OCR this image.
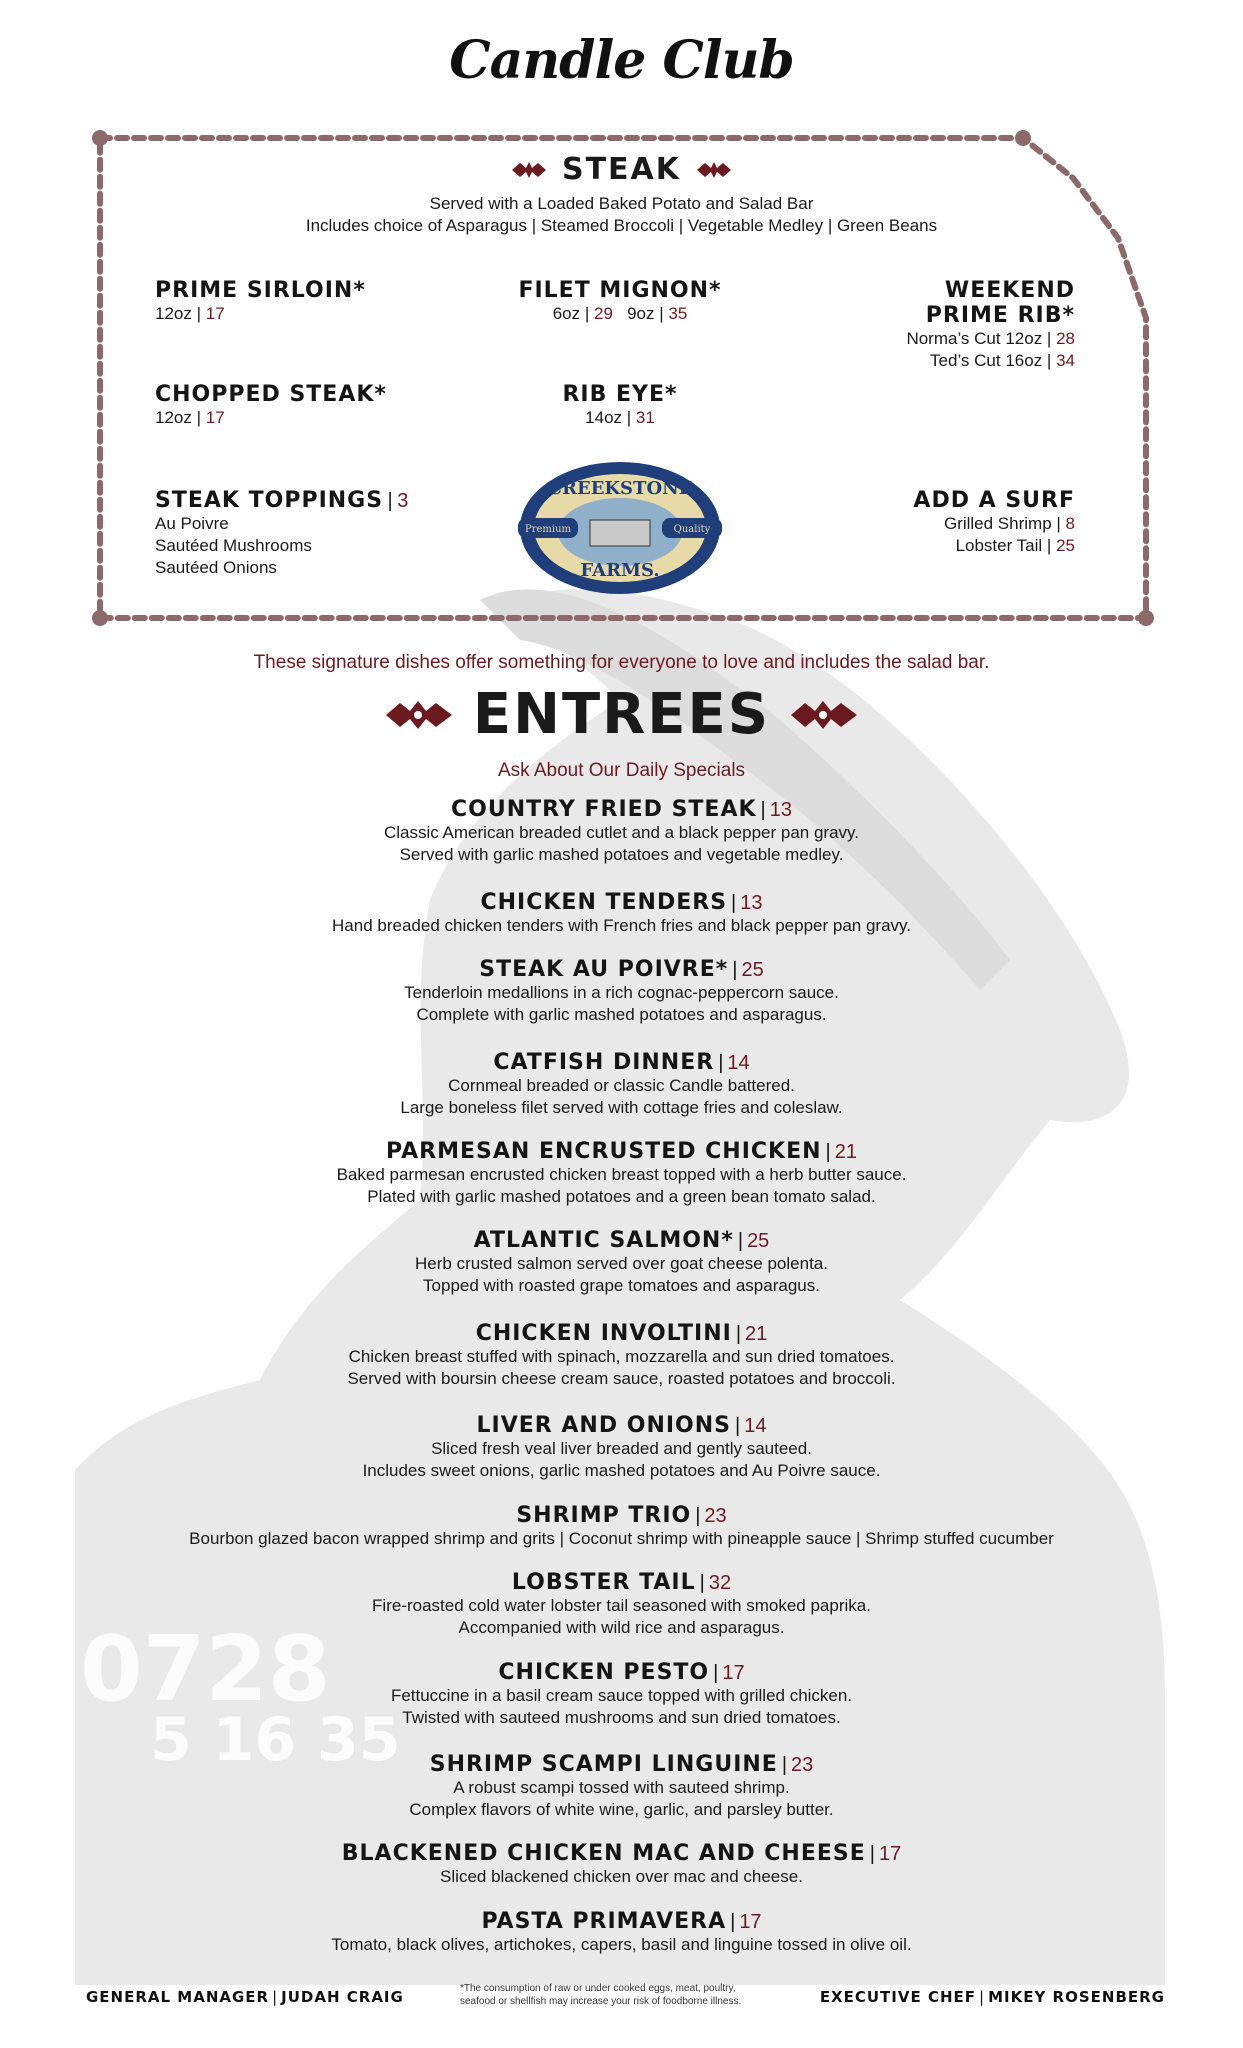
0728
5 16 35
Candle Club
STEAK
Served with a Loaded Baked Potato and Salad Bar
Includes choice of Asparagus | Steamed Broccoli | Vegetable Medley | Green Beans
PRIME SIRLOIN*
12oz | 17
FILET MIGNON*
6oz | 29 9oz | 35
WEEKEND
PRIME RIB*
Norma’s Cut 12oz | 28
Ted’s Cut 16oz | 34
CHOPPED STEAK*
12oz | 17
RIB EYE*
14oz | 31
STEAK TOPPINGS | 3
Au Poivre
Sautéed Mushrooms
Sautéed Onions
CREEKSTONE
FARMS.
Premium	Quality
ADD A SURF
Grilled Shrimp | 8
Lobster Tail | 25
These signature dishes offer something for everyone to love and includes the salad bar.
ENTREES
Ask About Our Daily Specials
COUNTRY FRIED STEAK | 13
Classic American breaded cutlet and a black pepper pan gravy.
Served with garlic mashed potatoes and vegetable medley.
CHICKEN TENDERS | 13
Hand breaded chicken tenders with French fries and black pepper pan gravy.
STEAK AU POIVRE* | 25
Tenderloin medallions in a rich cognac-peppercorn sauce.
Complete with garlic mashed potatoes and asparagus.
CATFISH DINNER | 14
Cornmeal breaded or classic Candle battered.
Large boneless filet served with cottage fries and coleslaw.
PARMESAN ENCRUSTED CHICKEN | 21
Baked parmesan encrusted chicken breast topped with a herb butter sauce.
Plated with garlic mashed potatoes and a green bean tomato salad.
ATLANTIC SALMON* | 25
Herb crusted salmon served over goat cheese polenta.
Topped with roasted grape tomatoes and asparagus.
CHICKEN INVOLTINI | 21
Chicken breast stuffed with spinach, mozzarella and sun dried tomatoes.
Served with boursin cheese cream sauce, roasted potatoes and broccoli.
LIVER AND ONIONS | 14
Sliced fresh veal liver breaded and gently sauteed.
Includes sweet onions, garlic mashed potatoes and Au Poivre sauce.
SHRIMP TRIO | 23
Bourbon glazed bacon wrapped shrimp and grits | Coconut shrimp with pineapple sauce | Shrimp stuffed cucumber
LOBSTER TAIL | 32
Fire-roasted cold water lobster tail seasoned with smoked paprika.
Accompanied with wild rice and asparagus.
CHICKEN PESTO | 17
Fettuccine in a basil cream sauce topped with grilled chicken.
Twisted with sauteed mushrooms and sun dried tomatoes.
SHRIMP SCAMPI LINGUINE | 23
A robust scampi tossed with sauteed shrimp.
Complex flavors of white wine, garlic, and parsley butter.
BLACKENED CHICKEN MAC AND CHEESE | 17
Sliced blackened chicken over mac and cheese.
PASTA PRIMAVERA | 17
Tomato, black olives, artichokes, capers, basil and linguine tossed in olive oil.
GENERAL MANAGER | JUDAH CRAIG	*The consumption of raw or under cooked eggs, meat, poultry,
seafood or shellfish may increase your risk of foodborne illness.	EXECUTIVE CHEF | MIKEY ROSENBERG
